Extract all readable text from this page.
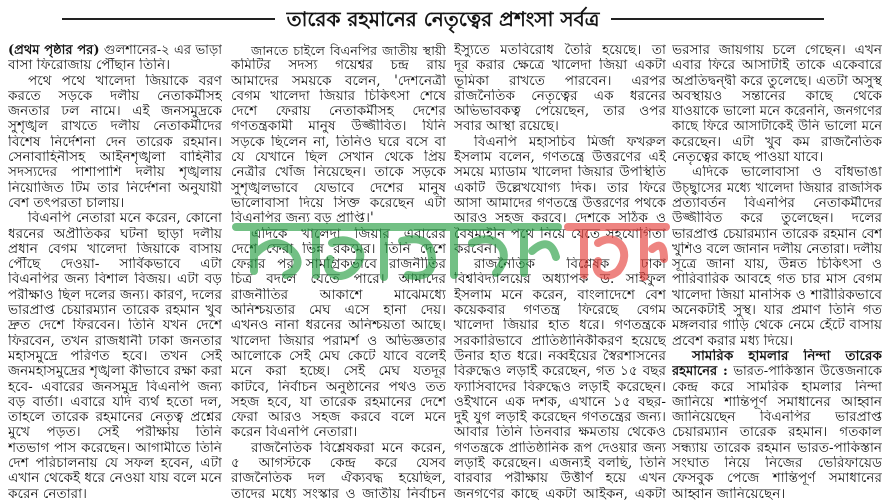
তারেক রহমানের নেতৃত্বের প্রশংসা সর্বত্র
(প্রথম পৃষ্ঠার পর) গুলশানের-২ এর ভাড়া
বাসা ফিরোজায় পৌঁছান তিনি।
পথে পথে খালেদা জিয়াকে বরণ
করতে সড়কে দলীয় নেতাকর্মীসহ
জনতার ঢল নামে। এই জনসমুদ্রকে
সুশৃঙ্খল রাখতে দলীয় নেতাকর্মীদের
বিশেষ নির্দেশনা দেন তারেক রহমান।
সেনাবাহিনীসহ আইনশৃঙ্খলা বাহিনীর
সদস্যদের পাশাপাশি দলীয় শৃঙ্খলায়
নিয়োজিত টিম তার নির্দেশনা অনুযায়ী
বেশ তৎপরতা চালায়।
বিএনপি নেতারা মনে করেন, কোনো
ধরনের অপ্রীতিকর ঘটনা ছাড়া দলীয়
প্রধান বেগম খালেদা জিয়াকে বাসায়
পৌঁছে দেওয়া- সার্বিকভাবে এটা
বিএনপির জন্য বিশাল বিজয়। এটা বড়
পরীক্ষাও ছিল দলের জন্য। কারণ, দলের
ভারপ্রাপ্ত চেয়ারম্যান তারেক রহমান খুব
দ্রুত দেশে ফিরবেন। তিনি যখন দেশে
ফিরবেন, তখন রাজধানী ঢাকা জনতার
মহাসমুদ্রে পরিণত হবে। তখন সেই
জনমহাসমুদ্রের শৃঙ্খলা কীভাবে রক্ষা করা
হবে- এবারের জনসমুদ্র বিএনপি জন্য
বড় বার্তা। এবারে যদি ব্যর্থ হতো দল,
তাহলে তারেক রহমানের নেতৃত্ব প্রশ্নের
মুখে পড়ত। সেই পরীক্ষায় তিনি
শতভাগ পাস করেছেন। আগামীতে তিনি
দেশ পরিচালনায় যে সফল হবেন, এটা
এখান থেকেই ধরে নেওয়া যায় বলে মনে
করেন নেতারা।
জানতে চাইলে বিএনপির জাতীয় স্থায়ী
কমিটির সদস্য গয়েশ্বর চন্দ্র রায়
আমাদের সময়কে বলেন, 'দেশনেত্রী
বেগম খালেদা জিয়ার চিকিৎসা শেষে
দেশে ফেরায় নেতাকর্মীসহ দেশের
গণতন্ত্রকামী মানুষ উজ্জীবিত। যিনি
সড়কে ছিলেন না, তিনিও ঘরে বসে বা
যে যেখানে ছিল সেখান থেকে প্রিয়
নেত্রীর খোঁজ নিয়েছেন। তাকে সড়কে
সুশৃঙ্খলভাবে যেভাবে দেশের মানুষ
ভালোবাসা দিয়ে সিক্ত করেছেন এটা
বিএনপির জন্য বড় প্রাপ্তি।'
এদিকে খালেদা জিয়ার এবারের
দেশে ফেরা ভিন্ন রকমের। তিনি দেশে
ফেরার পর সামগ্রিকভাবে রাজনীতির
চিত্র বদলে যেতে পারে। আমাদের
রাজনীতির আকাশে মাঝেমধ্যে
অনিশ্চয়তার মেঘ এসে হানা দেয়।
এখনও নানা ধরনের অনিশ্চয়তা আছে।
খালেদা জিয়ার পরামর্শ ও অভিজ্ঞতার
আলোকে সেই মেঘ কেটে যাবে বলেই
মনে করা হচ্ছে। সেই মেঘ যতদূর
কাটবে, নির্বাচন অনুষ্ঠানের পথও তত
সহজ হবে, যা তারেক রহমানের দেশে
ফেরা আরও সহজ করবে বলে মনে
করেন বিএনপি নেতারা।
রাজনৈতিক বিশ্লেষকরা মনে করেন,
৫ আগস্টকে কেন্দ্র করে যেসব
রাজনৈতিক দল ঐক্যবদ্ধ হয়েছিল,
তাদের মধ্যে সংস্কার ও জাতীয় নির্বাচন
ইস্যুতে মতবিরোধ তৈরি হয়েছে। তা
দূর করার ক্ষেত্রে খালেদা জিয়া একটা
ভূমিকা রাখতে পারবেন। এরপর
রাজনৈতিক নেতৃত্বের এক ধরনের
অভিভাবকত্ব পেয়েছেন, তার ওপর
সবার আস্থা রয়েছে।
বিএনপি মহাসচিব মির্জা ফখরুল
ইসলাম বলেন, গণতন্ত্রে উত্তরণের এই
সময়ে ম্যাডাম খালেদা জিয়ার উপস্থিতি
একটি উল্লেখযোগ্য দিক। তার ফিরে
আসা আমাদের গণতন্ত্রে উত্তরণের পথকে
আরও সহজ করবে। দেশকে সঠিক ও
বৈষম্যহীন পথে নিয়ে যেতে সহযোগিতা
করবেন।
রাজনৈতিক বিশ্লেষক ঢাকা
বিশ্ববিদ্যালয়ের অধ্যাপক ড. সাইফুল
ইসলাম মনে করেন, বাংলাদেশে বেশ
কয়েকবার গণতন্ত্র ফিরেছে বেগম
খালেদা জিয়ার হাত ধরে। গণতন্ত্রকে
সরকারিভাবে প্রাতিষ্ঠানিকীকরণ হয়েছে
উনার হাত ধরে। নব্বইয়ের স্বৈরশাসনের
বিরুদ্ধেও লড়াই করেছেন, গত ১৫ বছর
ফ্যাসিবাদের বিরুদ্ধেও লড়াই করেছেন।
ওইখানে এক দশক, এখানে ১৫ বছর-
দুই যুগ লড়াই করেছেন গণতন্ত্রের জন্য।
আবার তিনি তিনবার ক্ষমতায় থেকেও
গণতন্ত্রকে প্রাতিষ্ঠানিক রূপ দেওয়ার জন্য
লড়াই করেছেন। এজন্যই বলছি, তিনি
বারবার পরীক্ষায় উত্তীর্ণ হয়ে এখন
জনগণের কাছে একটা আইকন, একটা
ভরসার জায়গায় চলে গেছেন। এখন
এবার ফিরে আসাটাই তাকে একেবারে
অপ্রতিদ্বন্দ্বী করে তুলেছে। এতটা অসুস্থ
অবস্থায়ও সন্তানের কাছে থেকে
যাওয়াকে ভালো মনে করেননি, জনগণের
কাছে ফিরে আসাটাকেই উনি ভালো মনে
করেছেন। এটা খুব কম রাজনৈতিক
নেতৃত্বের কাছে পাওয়া যাবে।
এদিকে ভালোবাসা ও বাঁধভাঙা
উচ্ছ্বাসের মধ্যে খালেদা জিয়ার রাজসিক
প্রত্যাবর্তন বিএনপির নেতাকর্মীদের
উজ্জীবিত করে তুলেছেন। দলের
ভারপ্রাপ্ত চেয়ারম্যান তারেক রহমান বেশ
খুশিও বলে জানান দলীয় নেতারা। দলীয়
সূত্রে জানা যায়, উন্নত চিকিৎসা ও
পারিবারিক আবহে গত চার মাস বেগম
খালেদা জিয়া মানসিক ও শারীরিকভাবে
অনেকটাই সুস্থ। যার প্রমাণ তিনি গত
মঙ্গলবার গাড়ি থেকে নেমে হেঁটে বাসায়
প্রবেশ করার মধ্য দিয়ে।
সামরিক হামলার নিন্দা তারেক
রহমানের : ভারত-পাকিস্তান উত্তেজনাকে
কেন্দ্র করে সামরিক হামলার নিন্দা
জানিয়ে শান্তিপূর্ণ সমাধানের আহ্বান
জানিয়েছেন বিএনপির ভারপ্রাপ্ত
চেয়ারম্যান তারেক রহমান। গতকাল
সন্ধ্যায় তারেক রহমান ভারত-পাকিস্তান
সংঘাত নিয়ে নিজের ভেরিফায়েড
ফেসবুক পেজে শান্তিপূর্ণ সমাধানের
আহ্বান জানিয়েছেন।
